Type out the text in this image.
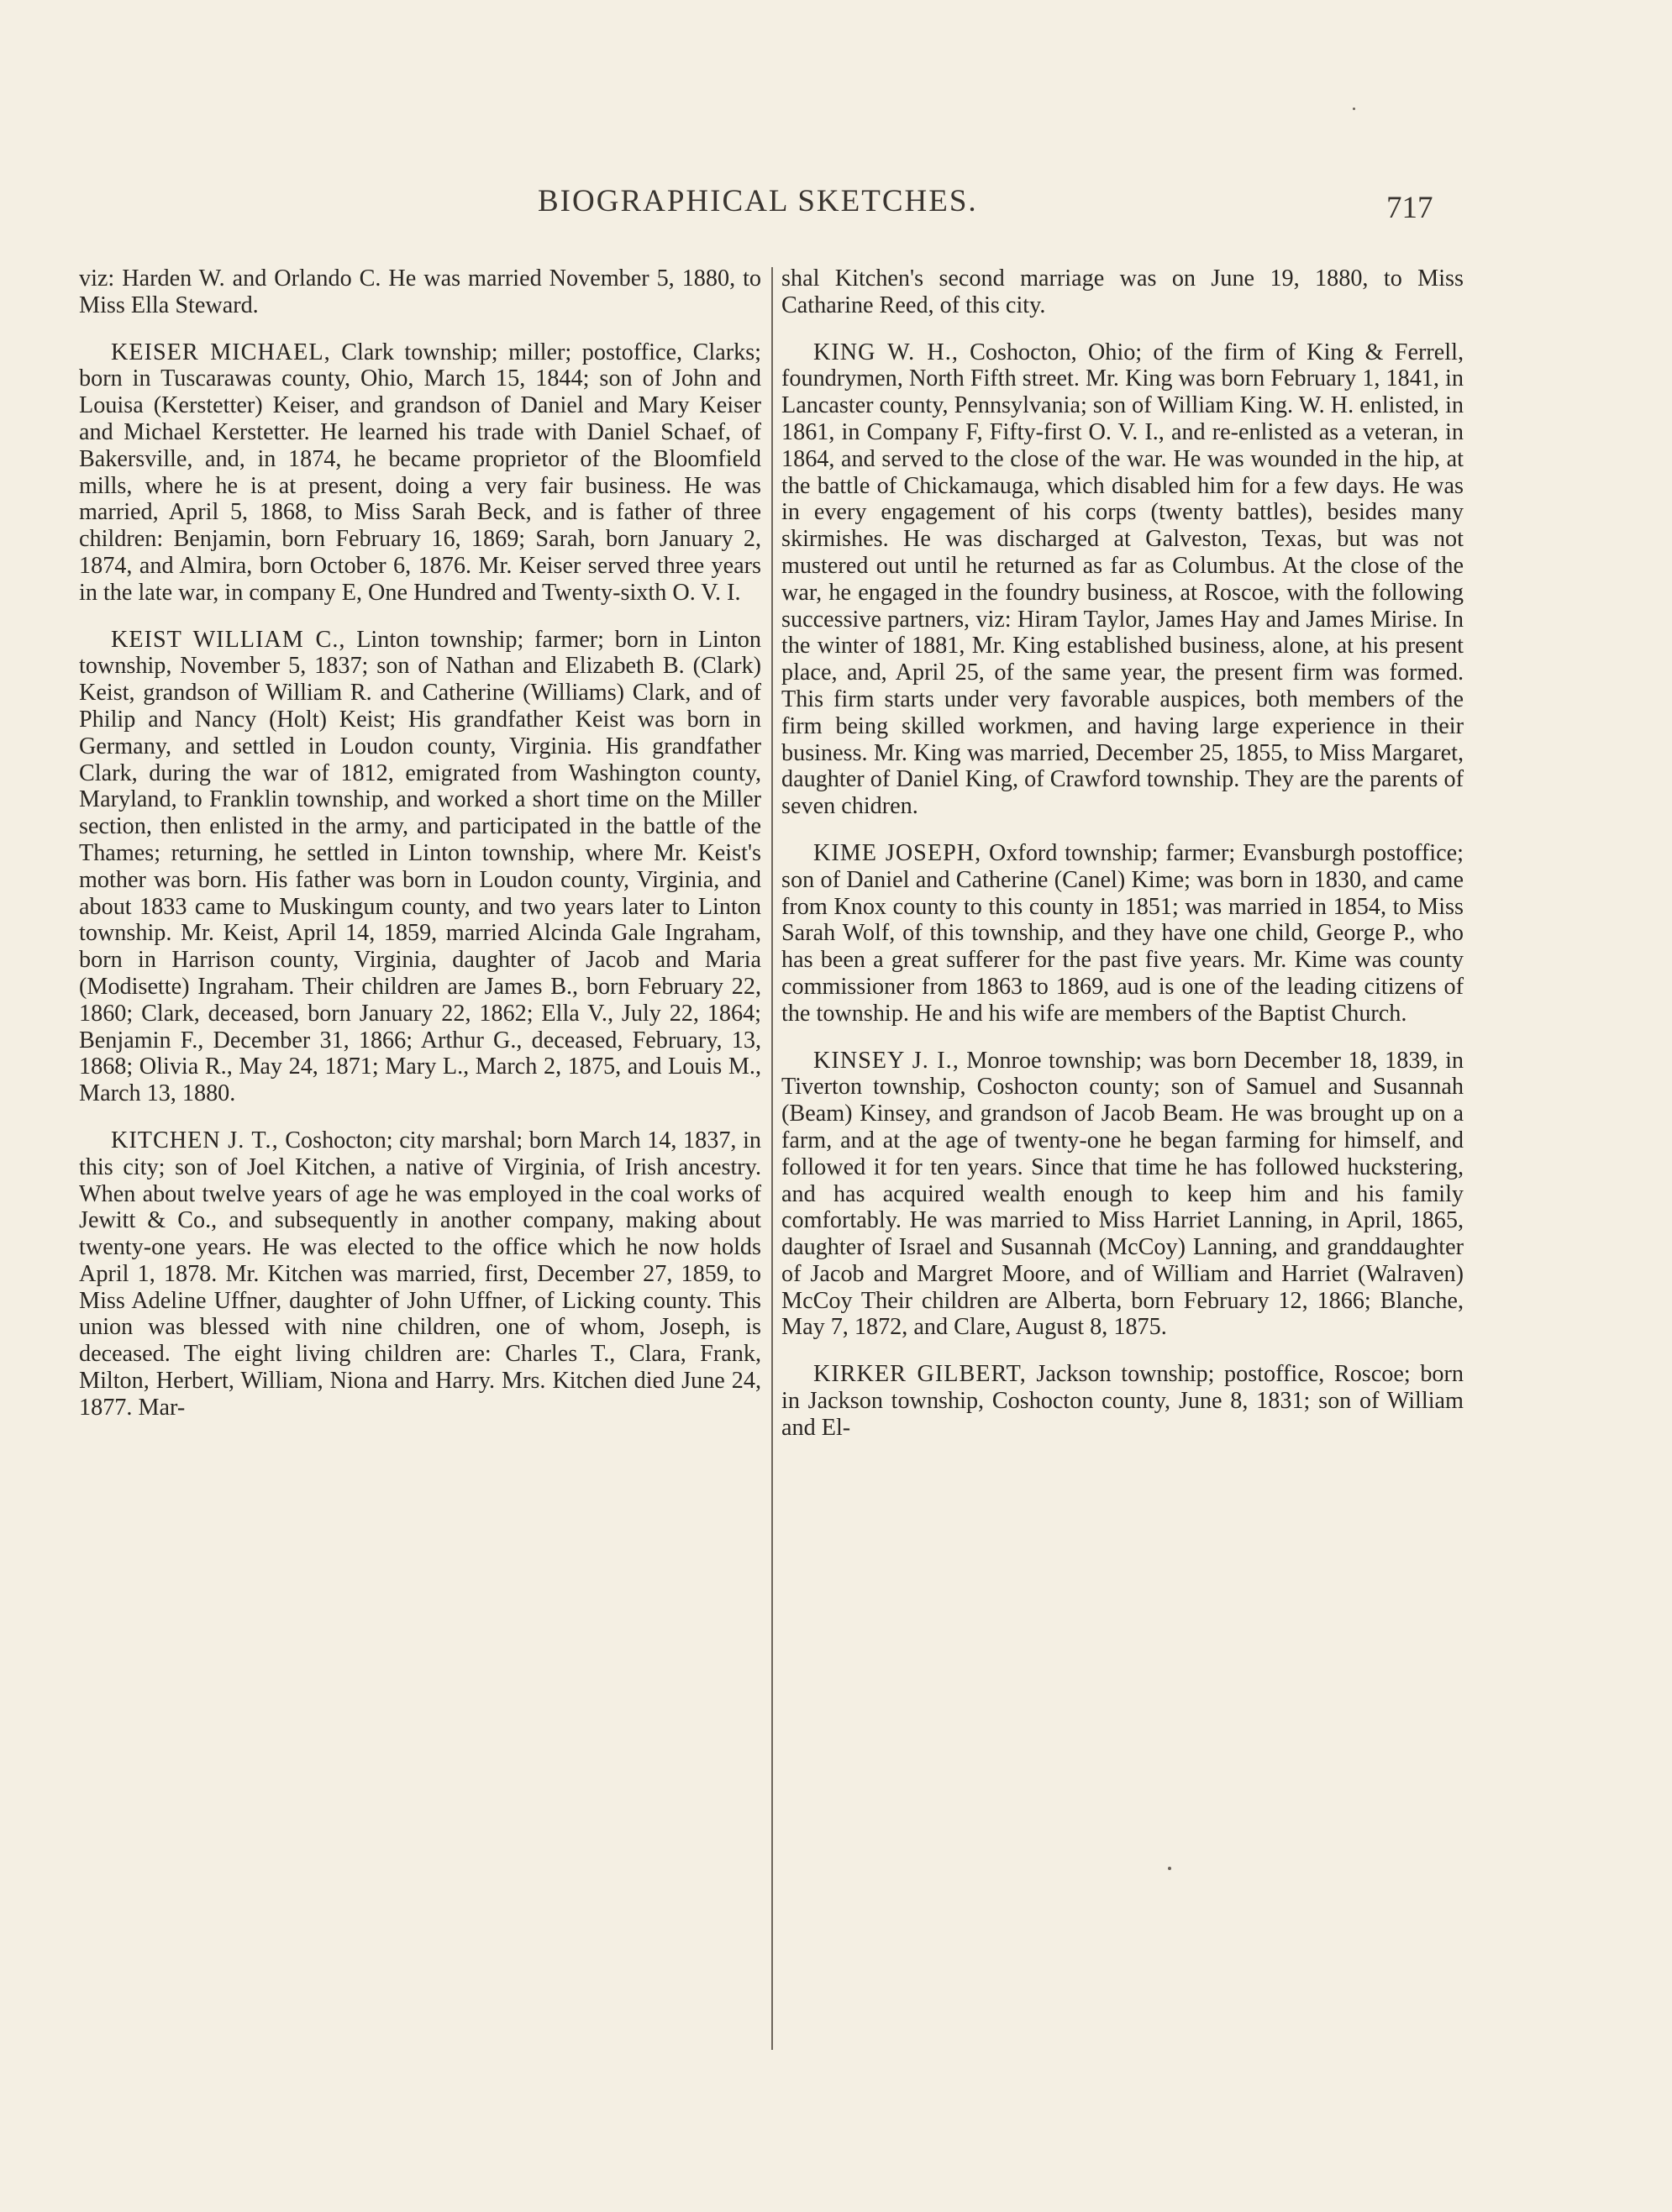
BIOGRAPHICAL SKETCHES.	717

viz: Harden W. and Orlando C. He was married November 5, 1880, to Miss Ella Steward.

KEISER MICHAEL, Clark township; miller; postoffice, Clarks; born in Tuscarawas county, Ohio, March 15, 1844; son of John and Louisa (Kerstetter) Keiser, and grandson of Daniel and Mary Keiser and Michael Kerstetter. He learned his trade with Daniel Schaef, of Bakersville, and, in 1874, he became proprietor of the Bloomfield mills, where he is at present, doing a very fair business. He was married, April 5, 1868, to Miss Sarah Beck, and is father of three children: Benjamin, born February 16, 1869; Sarah, born January 2, 1874, and Almira, born October 6, 1876. Mr. Keiser served three years in the late war, in company E, One Hundred and Twenty-sixth O. V. I.

KEIST WILLIAM C., Linton township; farmer; born in Linton township, November 5, 1837; son of Nathan and Elizabeth B. (Clark) Keist, grandson of William R. and Catherine (Williams) Clark, and of Philip and Nancy (Holt) Keist; His grandfather Keist was born in Germany, and settled in Loudon county, Virginia. His grandfather Clark, during the war of 1812, emigrated from Washington county, Maryland, to Franklin township, and worked a short time on the Miller section, then enlisted in the army, and participated in the battle of the Thames; returning, he settled in Linton township, where Mr. Keist's mother was born. His father was born in Loudon county, Virginia, and about 1833 came to Muskingum county, and two years later to Linton township. Mr. Keist, April 14, 1859, married Alcinda Gale Ingraham, born in Harrison county, Virginia, daughter of Jacob and Maria (Modisette) Ingraham. Their children are James B., born February 22, 1860; Clark, deceased, born January 22, 1862; Ella V., July 22, 1864; Benjamin F., December 31, 1866; Arthur G., deceased, February, 13, 1868; Olivia R., May 24, 1871; Mary L., March 2, 1875, and Louis M., March 13, 1880.

KITCHEN J. T., Coshocton; city marshal; born March 14, 1837, in this city; son of Joel Kitchen, a native of Virginia, of Irish ancestry. When about twelve years of age he was employed in the coal works of Jewitt & Co., and subsequently in another company, making about twenty-one years. He was elected to the office which he now holds April 1, 1878. Mr. Kitchen was married, first, December 27, 1859, to Miss Adeline Uffner, daughter of John Uffner, of Licking county. This union was blessed with nine children, one of whom, Joseph, is deceased. The eight living children are: Charles T., Clara, Frank, Milton, Herbert, William, Niona and Harry. Mrs. Kitchen died June 24, 1877. Mar-

shal Kitchen's second marriage was on June 19, 1880, to Miss Catharine Reed, of this city.

KING W. H., Coshocton, Ohio; of the firm of King & Ferrell, foundrymen, North Fifth street. Mr. King was born February 1, 1841, in Lancaster county, Pennsylvania; son of William King. W. H. enlisted, in 1861, in Company F, Fifty-first O. V. I., and re-enlisted as a veteran, in 1864, and served to the close of the war. He was wounded in the hip, at the battle of Chickamauga, which disabled him for a few days. He was in every engagement of his corps (twenty battles), besides many skirmishes. He was discharged at Galveston, Texas, but was not mustered out until he returned as far as Columbus. At the close of the war, he engaged in the foundry business, at Roscoe, with the following successive partners, viz: Hiram Taylor, James Hay and James Mirise. In the winter of 1881, Mr. King established business, alone, at his present place, and, April 25, of the same year, the present firm was formed. This firm starts under very favorable auspices, both members of the firm being skilled workmen, and having large experience in their business. Mr. King was married, December 25, 1855, to Miss Margaret, daughter of Daniel King, of Crawford township. They are the parents of seven chidren.

KIME JOSEPH, Oxford township; farmer; Evansburgh postoffice; son of Daniel and Catherine (Canel) Kime; was born in 1830, and came from Knox county to this county in 1851; was married in 1854, to Miss Sarah Wolf, of this township, and they have one child, George P., who has been a great sufferer for the past five years. Mr. Kime was county commissioner from 1863 to 1869, aud is one of the leading citizens of the township. He and his wife are members of the Baptist Church.

KINSEY J. I., Monroe township; was born December 18, 1839, in Tiverton township, Coshocton county; son of Samuel and Susannah (Beam) Kinsey, and grandson of Jacob Beam. He was brought up on a farm, and at the age of twenty-one he began farming for himself, and followed it for ten years. Since that time he has followed huckstering, and has acquired wealth enough to keep him and his family comfortably. He was married to Miss Harriet Lanning, in April, 1865, daughter of Israel and Susannah (McCoy) Lanning, and granddaughter of Jacob and Margret Moore, and of William and Harriet (Walraven) McCoy Their children are Alberta, born February 12, 1866; Blanche, May 7, 1872, and Clare, August 8, 1875.

KIRKER GILBERT, Jackson township; postoffice, Roscoe; born in Jackson township, Coshocton county, June 8, 1831; son of William and El-
